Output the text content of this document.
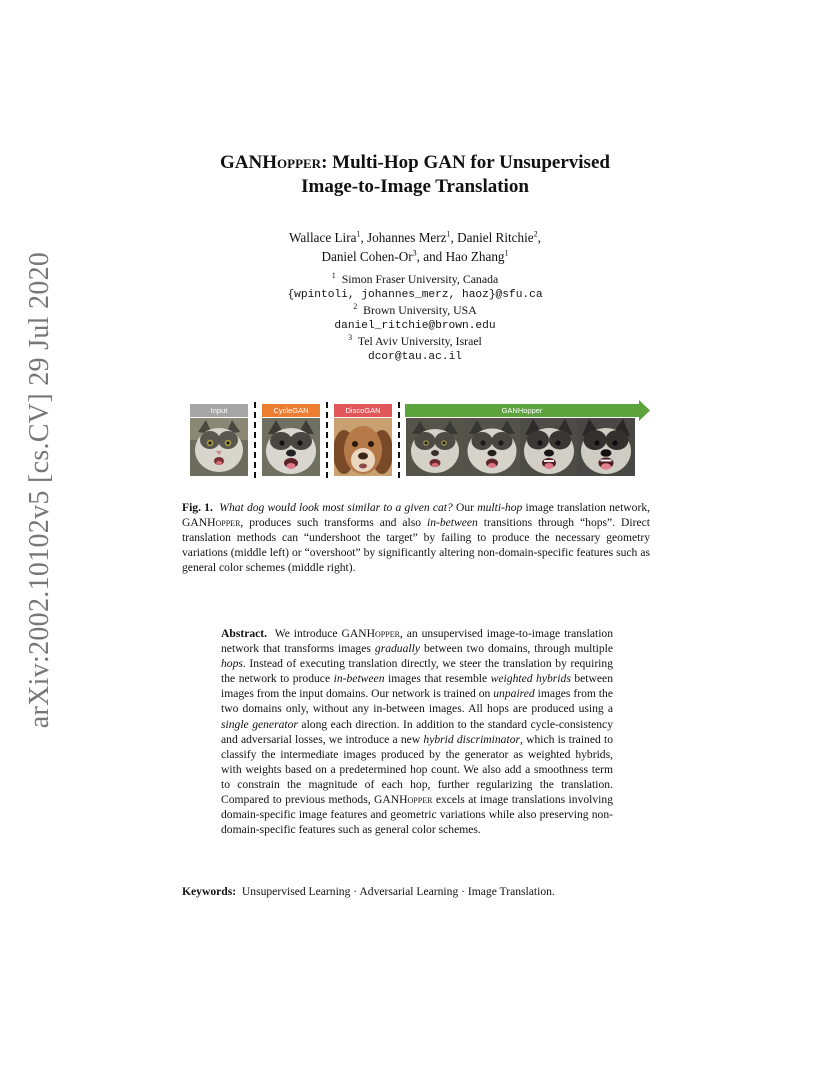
arXiv:2002.10102v5 [cs.CV] 29 Jul 2020
GANHopper: Multi-Hop GAN for Unsupervised
Image-to-Image Translation
Wallace Lira$^1$, Johannes Merz$^1$, Daniel Ritchie$^2$,
Daniel Cohen-Or$^3$, and Hao Zhang$^1$
$^1$ Simon Fraser University, Canada
{wpintoli, johannes_merz, haoz}@sfu.ca
$^2$ Brown University, USA
daniel_ritchie@brown.edu
$^3$ Tel Aviv University, Israel
dcor@tau.ac.il
Input	CycleGAN	DiscoGAN	GANHopper
Fig. 1. What dog would look most similar to a given cat? Our multi-hop image translation network, GANHopper, produces such transforms and also in-between transitions through “hops”. Direct translation methods can “undershoot the target” by failing to produce the necessary geometry variations (middle left) or “overshoot” by significantly altering non-domain-specific features such as general color schemes (middle right).
Abstract. We introduce GANHopper, an unsupervised image-to-image translation network that transforms images gradually between two domains, through multiple hops. Instead of executing translation directly, we steer the translation by requiring the network to produce in-between images that resemble weighted hybrids between images from the input domains. Our network is trained on unpaired images from the two domains only, without any in-between images. All hops are produced using a single generator along each direction. In addition to the standard cycle-consistency and adversarial losses, we introduce a new hybrid discriminator, which is trained to classify the intermediate images produced by the generator as weighted hybrids, with weights based on a predetermined hop count. We also add a smoothness term to constrain the magnitude of each hop, further regularizing the translation. Compared to previous methods, GANHopper excels at image translations involving domain-specific image features and geometric variations while also preserving non-domain-specific features such as general color schemes.
Keywords: Unsupervised Learning · Adversarial Learning · Image Translation.
